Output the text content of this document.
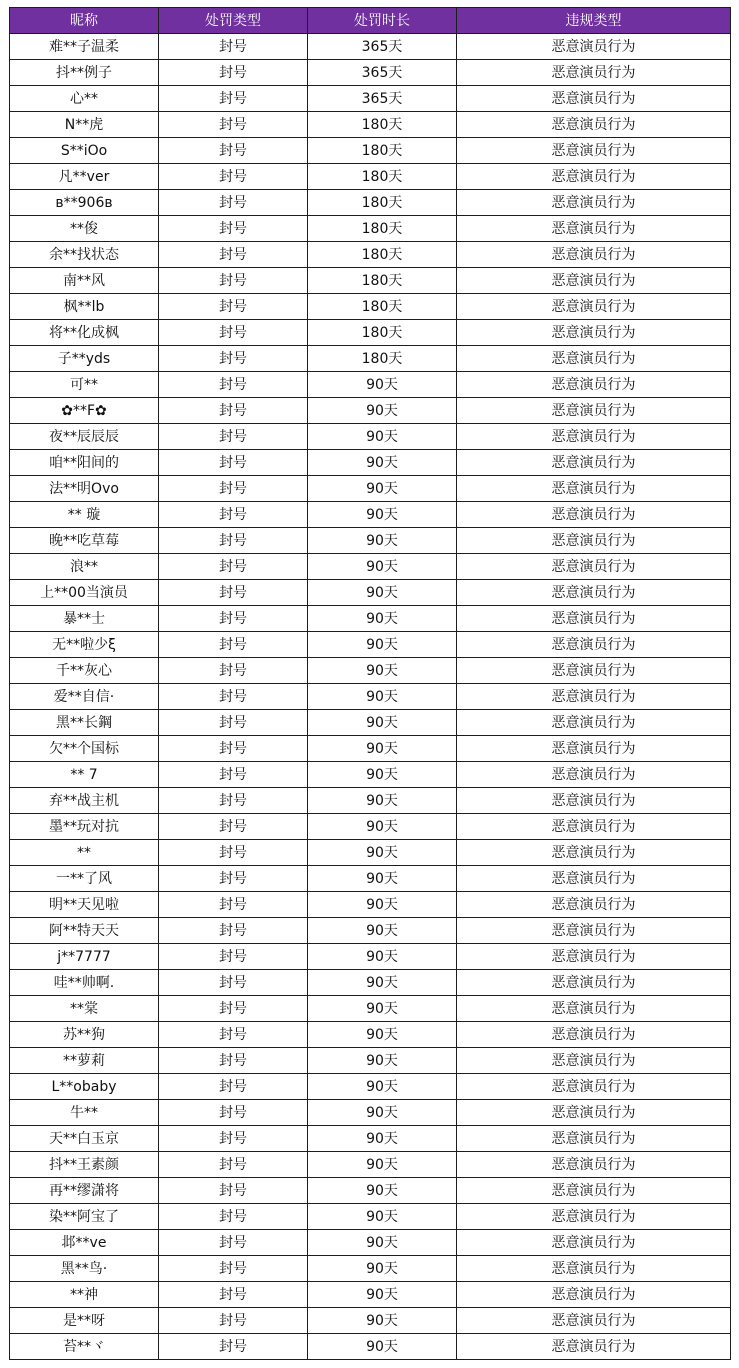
昵称	处罚类型	处罚时长	违规类型
难**子温柔	封号	365天	恶意演员行为
抖**例子	封号	365天	恶意演员行为
心**	封号	365天	恶意演员行为
N**虎	封号	180天	恶意演员行为
S**iOo	封号	180天	恶意演员行为
凡**ver	封号	180天	恶意演员行为
в**906в	封号	180天	恶意演员行为
**俊	封号	180天	恶意演员行为
余**找状态	封号	180天	恶意演员行为
南**风	封号	180天	恶意演员行为
枫**lb	封号	180天	恶意演员行为
将**化成枫	封号	180天	恶意演员行为
子**yds	封号	180天	恶意演员行为
可**	封号	90天	恶意演员行为
✿**F✿	封号	90天	恶意演员行为
夜**辰辰辰	封号	90天	恶意演员行为
咱**阳间的	封号	90天	恶意演员行为
法**明Ovo	封号	90天	恶意演员行为
** 璇	封号	90天	恶意演员行为
晚**吃草莓	封号	90天	恶意演员行为
浪**	封号	90天	恶意演员行为
上**00当演员	封号	90天	恶意演员行为
暴**士	封号	90天	恶意演员行为
无**啦少ξ	封号	90天	恶意演员行为
千**灰心	封号	90天	恶意演员行为
爱**自信·	封号	90天	恶意演员行为
黑**长鋼	封号	90天	恶意演员行为
欠**个国标	封号	90天	恶意演员行为
** 7	封号	90天	恶意演员行为
弃**战主机	封号	90天	恶意演员行为
墨**玩对抗	封号	90天	恶意演员行为
**	封号	90天	恶意演员行为
一**了风	封号	90天	恶意演员行为
明**天见啦	封号	90天	恶意演员行为
阿**特天天	封号	90天	恶意演员行为
j**7777	封号	90天	恶意演员行为
哇**帅啊.	封号	90天	恶意演员行为
**棠	封号	90天	恶意演员行为
苏**狗	封号	90天	恶意演员行为
**萝莉	封号	90天	恶意演员行为
L**obaby	封号	90天	恶意演员行为
牛**	封号	90天	恶意演员行为
天**白玉京	封号	90天	恶意演员行为
抖**王素颜	封号	90天	恶意演员行为
再**缪潇将	封号	90天	恶意演员行为
染**阿宝了	封号	90天	恶意演员行为
邶**ve	封号	90天	恶意演员行为
黑**鸟·	封号	90天	恶意演员行为
**神	封号	90天	恶意演员行为
是**呀	封号	90天	恶意演员行为
苔**ヾ	封号	90天	恶意演员行为
